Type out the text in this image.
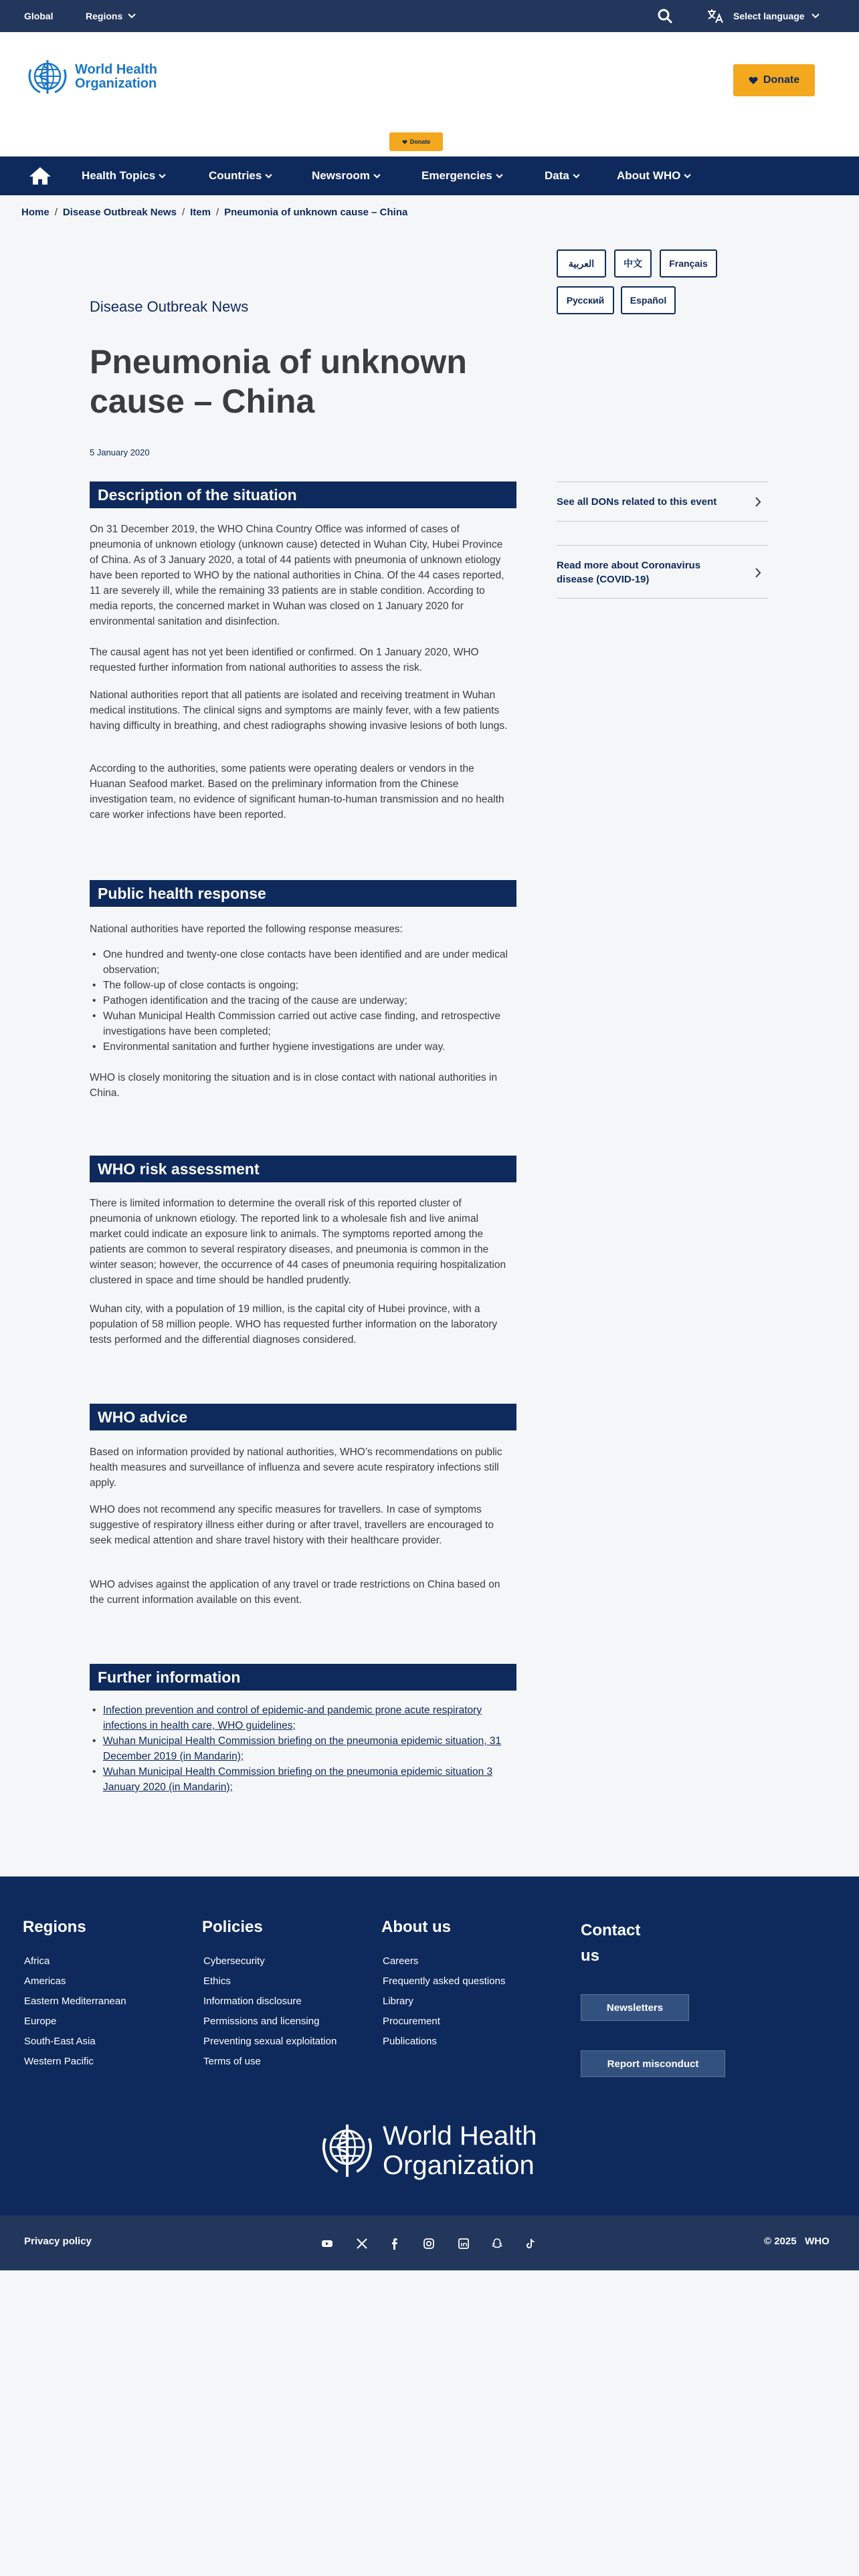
Global	Regions	Select language
World Health
Organization	Donate
Donate
Health Topics	Countries	Newsroom	Emergencies	Data	About WHO
Home / Disease Outbreak News / Item / Pneumonia of unknown cause – China
العربية	中文	Français
Русский	Español
Disease Outbreak News
Pneumonia of unknown
cause – China
5 January 2020
See all DONs related to this event
Read more about Coronavirus disease (COVID-19)
Description of the situation

On 31 December 2019, the WHO China Country Office was informed of cases of pneumonia of unknown etiology (unknown cause) detected in Wuhan City, Hubei Province of China. As of 3 January 2020, a total of 44 patients with pneumonia of unknown etiology have been reported to WHO by the national authorities in China. Of the 44 cases reported, 11 are severely ill, while the remaining 33 patients are in stable condition. According to media reports, the concerned market in Wuhan was closed on 1 January 2020 for environmental sanitation and disinfection.

The causal agent has not yet been identified or confirmed. On 1 January 2020, WHO requested further information from national authorities to assess the risk.

National authorities report that all patients are isolated and receiving treatment in Wuhan medical institutions. The clinical signs and symptoms are mainly fever, with a few patients having difficulty in breathing, and chest radiographs showing invasive lesions of both lungs.

According to the authorities, some patients were operating dealers or vendors in the Huanan Seafood market. Based on the preliminary information from the Chinese investigation team, no evidence of significant human-to-human transmission and no health care worker infections have been reported.

Public health response

National authorities have reported the following response measures:

• One hundred and twenty-one close contacts have been identified and are under medical observation;
• The follow-up of close contacts is ongoing;
• Pathogen identification and the tracing of the cause are underway;
• Wuhan Municipal Health Commission carried out active case finding, and retrospective investigations have been completed;
• Environmental sanitation and further hygiene investigations are under way.

WHO is closely monitoring the situation and is in close contact with national authorities in China.

WHO risk assessment

There is limited information to determine the overall risk of this reported cluster of pneumonia of unknown etiology. The reported link to a wholesale fish and live animal market could indicate an exposure link to animals. The symptoms reported among the patients are common to several respiratory diseases, and pneumonia is common in the winter season; however, the occurrence of 44 cases of pneumonia requiring hospitalization clustered in space and time should be handled prudently.

Wuhan city, with a population of 19 million, is the capital city of Hubei province, with a population of 58 million people. WHO has requested further information on the laboratory tests performed and the differential diagnoses considered.

WHO advice

Based on information provided by national authorities, WHO’s recommendations on public health measures and surveillance of influenza and severe acute respiratory infections still apply.

WHO does not recommend any specific measures for travellers. In case of symptoms suggestive of respiratory illness either during or after travel, travellers are encouraged to seek medical attention and share travel history with their healthcare provider.

WHO advises against the application of any travel or trade restrictions on China based on the current information available on this event.

Further information
• Infection prevention and control of epidemic-and pandemic prone acute respiratory infections in health care, WHO guidelines;
• Wuhan Municipal Health Commission briefing on the pneumonia epidemic situation, 31 December 2019 (in Mandarin);
• Wuhan Municipal Health Commission briefing on the pneumonia epidemic situation 3 January 2020 (in Mandarin);
Regions
Africa
Americas
Eastern Mediterranean
Europe
South-East Asia
Western Pacific
Policies
Cybersecurity
Ethics
Information disclosure
Permissions and licensing
Preventing sexual exploitation
Terms of use
About us
Careers
Frequently asked questions
Library
Procurement
Publications
Contact us
Newsletters
Report misconduct
World Health
Organization
Privacy policy	© 2025   WHO
